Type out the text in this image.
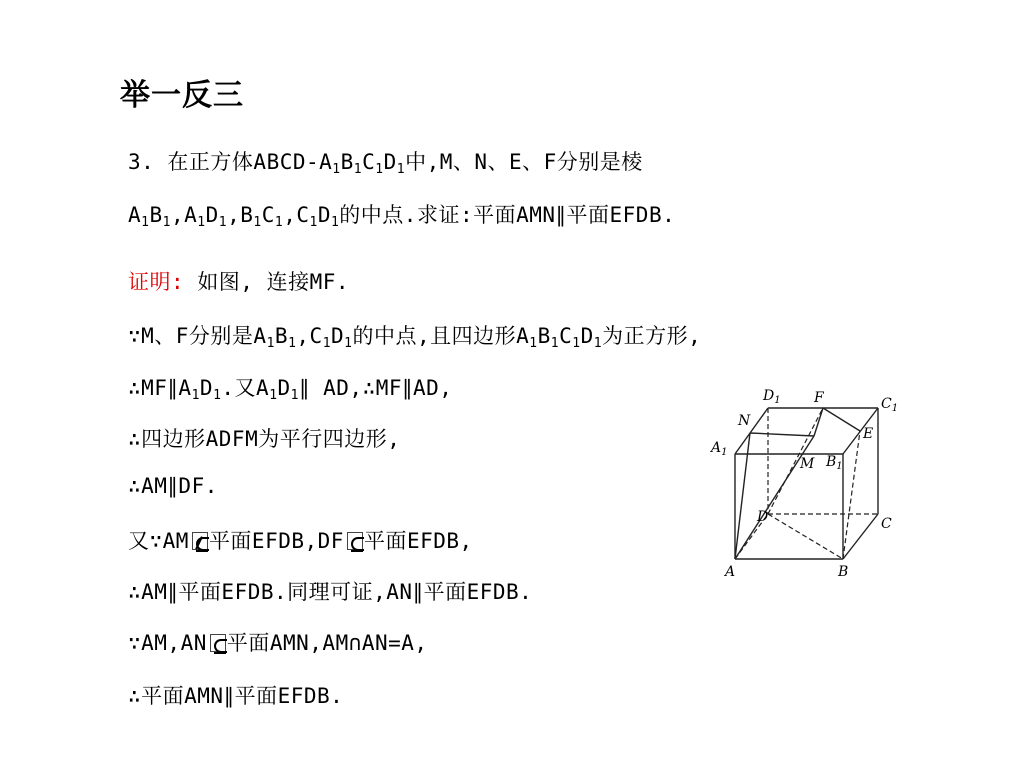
举一反三
3. 在正方体ABCD-$A_1B_1C_1D_1$中,M、N、E、F分别是棱
$A_1B_1,A_1D_1,B_1C_1,C_1D_1$的中点.求证:平面AMN∥平面EFDB.
证明: 如图, 连接MF.
∵M、F分别是$A_1B_1,C_1D_1$的中点,且四边形$A_1B_1C_1D_1$为正方形,
$\therefore MF\parallel A_1D_1$.又$A_1D_1\parallel$ AD,∴MF∥AD,
∴四边形ADFM为平行四边形,
∴AM∥DF.
又∵AM 平面EFDB,DF 平面EFDB,
∴AM∥平面EFDB.同理可证,AN∥平面EFDB.
∵AM,AN 平面AMN,AM∩AN=A,
∴平面AMN∥平面EFDB.
$D_1$ F	$C_1$
N
E
$A_1$
M $B_1$
D	C
A	B
